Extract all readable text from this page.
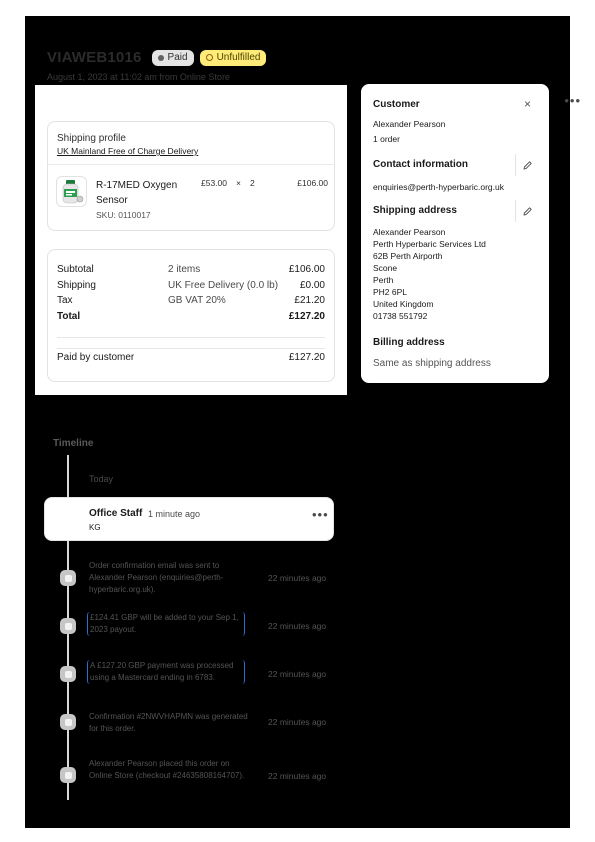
VIAWEB1016	Paid	Unfulfilled
August 1, 2023 at 11:02 am from Online Store
•••
Shipping profile
UK Mainland Free of Charge Delivery
R-17MED Oxygen Sensor
SKU: 0110017
£53.00 × 2	£106.00
Subtotal	2 items	£106.00
Shipping	UK Free Delivery (0.0 lb) £0.00
Tax	GB VAT 20%	£21.20
Total	£127.20
Paid by customer	£127.20
Customer	×
Alexander Pearson
1 order
Contact information
enquiries@perth-hyperbaric.org.uk
Shipping address
Alexander Pearson
Perth Hyperbaric Services Ltd
62B Perth Airporth
Scone
Perth
PH2 6PL
United Kingdom
01738 551792
Billing address
Same as shipping address
Timeline
Today
Office Staff 1 minute ago
KG
•••
Order confirmation email was sent to Alexander Pearson (enquiries@perth-hyperbaric.org.uk).
22 minutes ago
£124.41 GBP will be added to your Sep 1, 2023 payout.	22 minutes ago
A £127.20 GBP payment was processed using a Mastercard ending in 6783.	22 minutes ago
Confirmation #2NWVHAPMN was generated for this order.
22 minutes ago
Alexander Pearson placed this order on Online Store (checkout #24635808164707).	22 minutes ago
